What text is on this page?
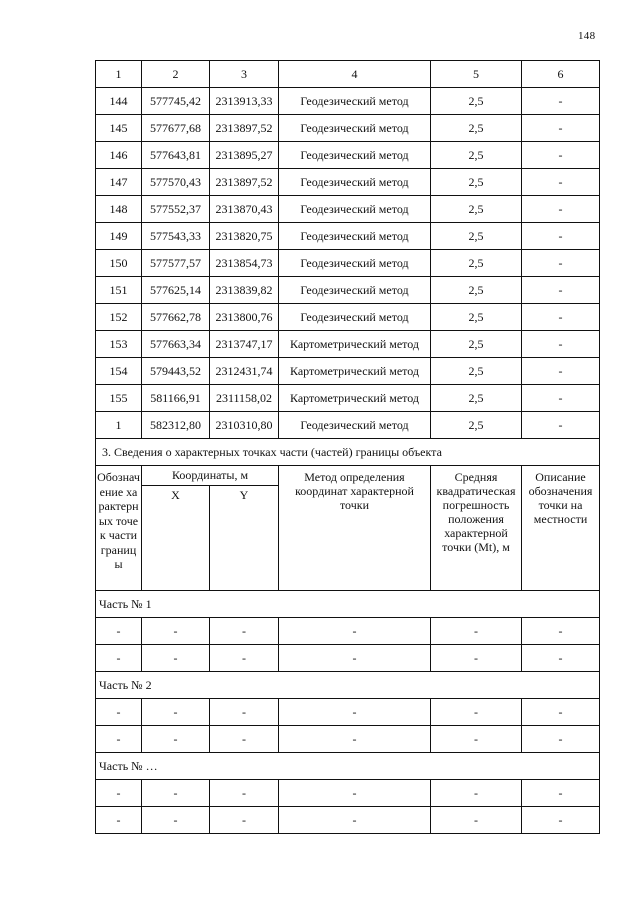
148
1	2	3	4	5	6
144	577745,42	2313913,33	Геодезический метод	2,5	-
145	577677,68	2313897,52	Геодезический метод	2,5	-
146	577643,81	2313895,27	Геодезический метод	2,5	-
147	577570,43	2313897,52	Геодезический метод	2,5	-
148	577552,37	2313870,43	Геодезический метод	2,5	-
149	577543,33	2313820,75	Геодезический метод	2,5	-
150	577577,57	2313854,73	Геодезический метод	2,5	-
151	577625,14	2313839,82	Геодезический метод	2,5	-
152	577662,78	2313800,76	Геодезический метод	2,5	-
153	577663,34	2313747,17	Картометрический метод	2,5	-
154	579443,52	2312431,74	Картометрический метод	2,5	-
155	581166,91	2311158,02	Картометрический метод	2,5	-
1	582312,80	2310310,80	Геодезический метод	2,5	-
3. Сведения о характерных точках части (частей) границы объекта					
Обозначение характерных точек части границы	Координаты, м		Метод определения координат характерной точки	Средняя квадратическая погрешность положения характерной точки (Mt), м	Описание обозначения точки на местности
	X	Y			
Часть № 1					
-	-	-	-	-	-
-	-	-	-	-	-
Часть № 2					
-	-	-	-	-	-
-	-	-	-	-	-
Часть № …					
-	-	-	-	-	-
-	-	-	-	-	-
